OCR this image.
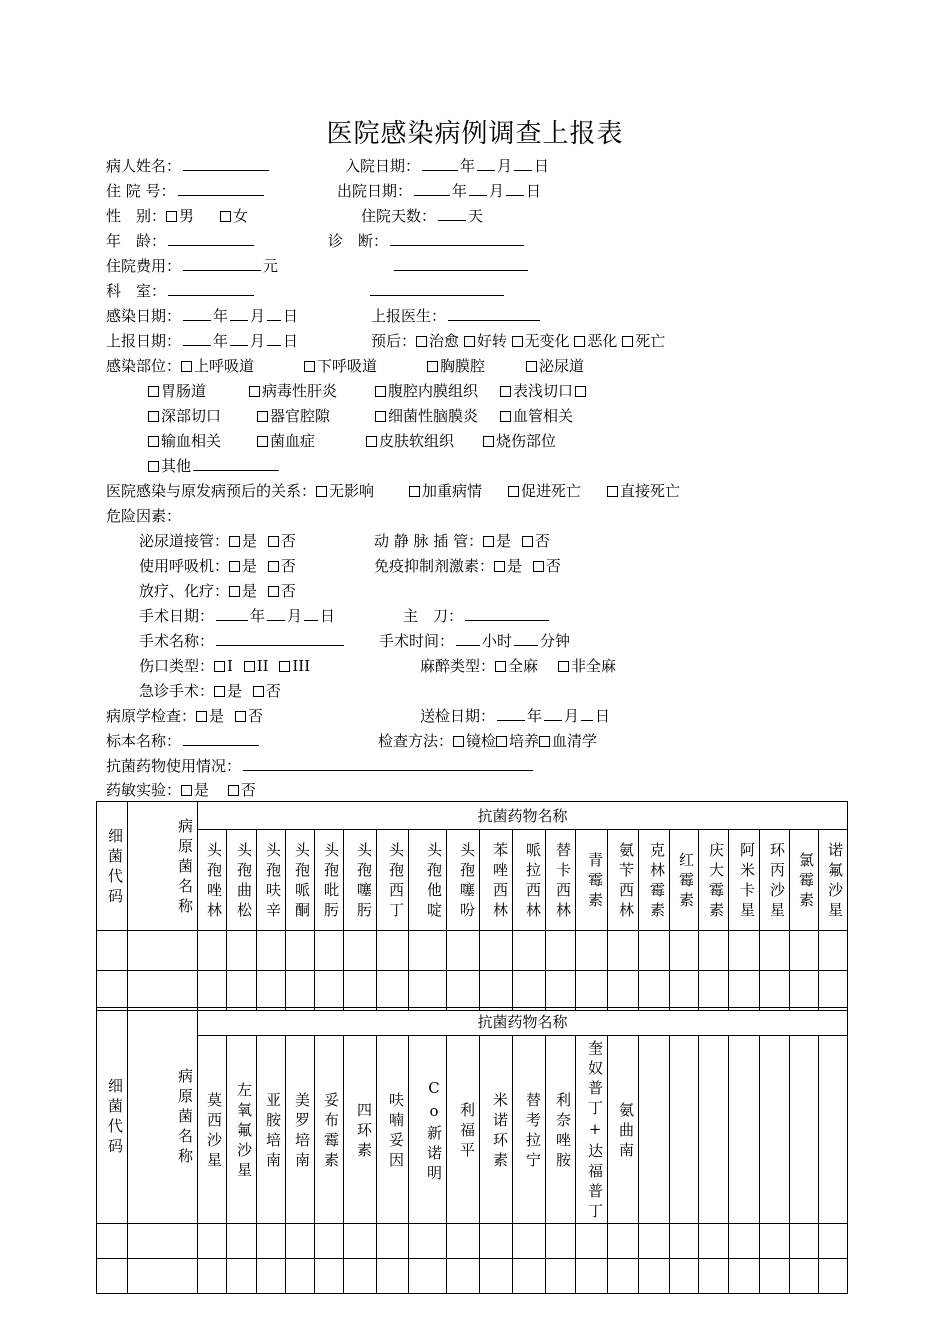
医院感染病例调查上报表
病人姓名：	入院日期：	年 月 日
住 院 号：	出院日期：	年 月 日
性　别： 男	女	住院天数： 天
年　龄：	诊　断：
住院费用：	元
科　室：
感染日期： 年 月 日	上报医生：
上报日期： 年 月 日	预后： 治愈 好转 无变化 恶化 死亡
感染部位： 上呼吸道	下呼吸道	胸膜腔	泌尿道
胃肠道	病毒性肝炎	腹腔内膜组织 表浅切口
深部切口	器官腔隙	细菌性脑膜炎 血管相关
输血相关	菌血症	皮肤软组织	烧伤部位
其他
医院感染与原发病预后的关系： 无影响	加重病情	促进死亡	直接死亡
危险因素：
泌尿道接管： 是 否	动 静 脉 插 管： 是 否
使用呼吸机： 是 否	免疫抑制剂激素： 是 否
放疗、化疗： 是 否
手术日期： 年 月 日	主　刀：
手术名称：	手术时间： 小时 分钟
伤口类型： I II III	麻醉类型： 全麻 非全麻
急诊手术： 是 否
病原学检查： 是 否	送检日期： 年 月 日
标本名称：	检查方法： 镜检 培养 血清学
抗菌药物使用情况：
药敏实验： 是 否
细菌代码	病原菌名称	抗菌药物名称																				
		头孢唑林	头孢曲松	头孢呋辛	头孢哌酮	头孢吡肟	头孢噻肟	头孢西丁	头孢他啶	头孢噻吩	苯唑西林	哌拉西林	替卡西林	青霉素	氨苄西林	克林霉素	红霉素	庆大霉素	阿米卡星	环丙沙星	氯霉素	诺氟沙星

细菌代码	病原菌名称	抗菌药物名称																				
		莫西沙星	左氧氟沙星	亚胺培南	美罗培南	妥布霉素	四环素	呋喃妥因	Co新诺明	利福平	米诺环素	替考拉宁	利奈唑胺	奎奴普丁+达福普丁	氨曲南							
